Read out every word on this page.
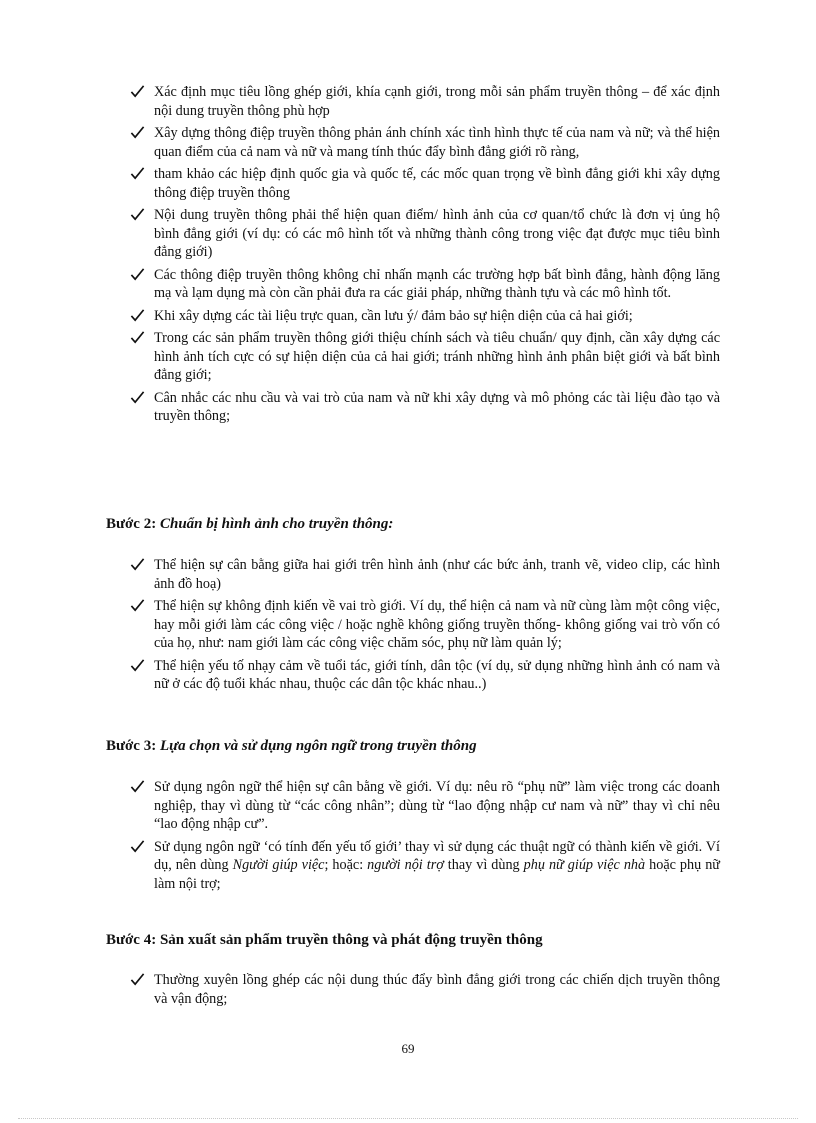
Xác định mục tiêu lồng ghép giới, khía cạnh giới, trong mỗi sản phẩm truyền thông – để xác định nội dung truyền thông phù hợp
Xây dựng thông điệp truyền thông phản ánh chính xác tình hình thực tế của nam và nữ; và thể hiện quan điểm của cả nam và nữ và mang tính thúc đẩy bình đẳng giới rõ ràng,
tham khảo các hiệp định quốc gia và quốc tế, các mốc quan trọng về bình đẳng giới khi xây dựng thông điệp truyền thông
Nội dung truyền thông phải thể hiện quan điểm/ hình ảnh của cơ quan/tổ chức là đơn vị ủng hộ bình đẳng giới (ví dụ: có các mô hình tốt và những thành công trong việc đạt được mục tiêu bình đẳng giới)
Các thông điệp truyền thông không chỉ nhấn mạnh các trường hợp bất bình đẳng, hành động lăng mạ và lạm dụng mà còn cần phải đưa ra các giải pháp, những thành tựu và các mô hình tốt.
Khi xây dựng các tài liệu trực quan, cần lưu ý/ đảm bảo sự hiện diện của cả hai giới;
Trong các sản phẩm truyền thông giới thiệu chính sách và tiêu chuẩn/ quy định, cần xây dựng các hình ảnh tích cực có sự hiện diện của cả hai giới; tránh những hình ảnh phân biệt giới và bất bình đẳng giới;
Cân nhắc các nhu cầu và vai trò của nam và nữ khi xây dựng và mô phỏng các tài liệu đào tạo và truyền thông;
Bước 2: Chuẩn bị hình ảnh cho truyền thông:
Thể hiện sự cân bằng giữa hai giới trên hình ảnh (như các bức ảnh, tranh vẽ, video clip, các hình ảnh đồ hoạ)
Thể hiện sự không định kiến về vai trò giới. Ví dụ, thể hiện cả nam và nữ cùng làm một công việc, hay mỗi giới làm các công việc / hoặc nghề không giống truyền thống- không giống vai trò vốn có của họ, như: nam giới làm các công việc chăm sóc, phụ nữ làm quản lý;
Thể hiện yếu tố nhạy cảm về tuổi tác, giới tính, dân tộc (ví dụ, sử dụng những hình ảnh có nam và nữ ở các độ tuổi khác nhau, thuộc các dân tộc khác nhau..)
Bước 3: Lựa chọn và sử dụng ngôn ngữ trong truyền thông
Sử dụng ngôn ngữ thể hiện sự cân bằng về giới. Ví dụ: nêu rõ “phụ nữ” làm việc trong các doanh nghiệp, thay vì dùng từ “các công nhân”; dùng từ “lao động nhập cư nam và nữ” thay vì chỉ nêu “lao động nhập cư”.
Sử dụng ngôn ngữ ‘có tính đến yếu tố giới’ thay vì sử dụng các thuật ngữ có thành kiến về giới. Ví dụ, nên dùng Người giúp việc; hoặc: người nội trợ thay vì dùng phụ nữ giúp việc nhà hoặc phụ nữ làm nội trợ;
Bước 4: Sản xuất sản phẩm truyền thông và phát động truyền thông
Thường xuyên lồng ghép các nội dung thúc đẩy bình đẳng giới trong các chiến dịch truyền thông và vận động;
69
